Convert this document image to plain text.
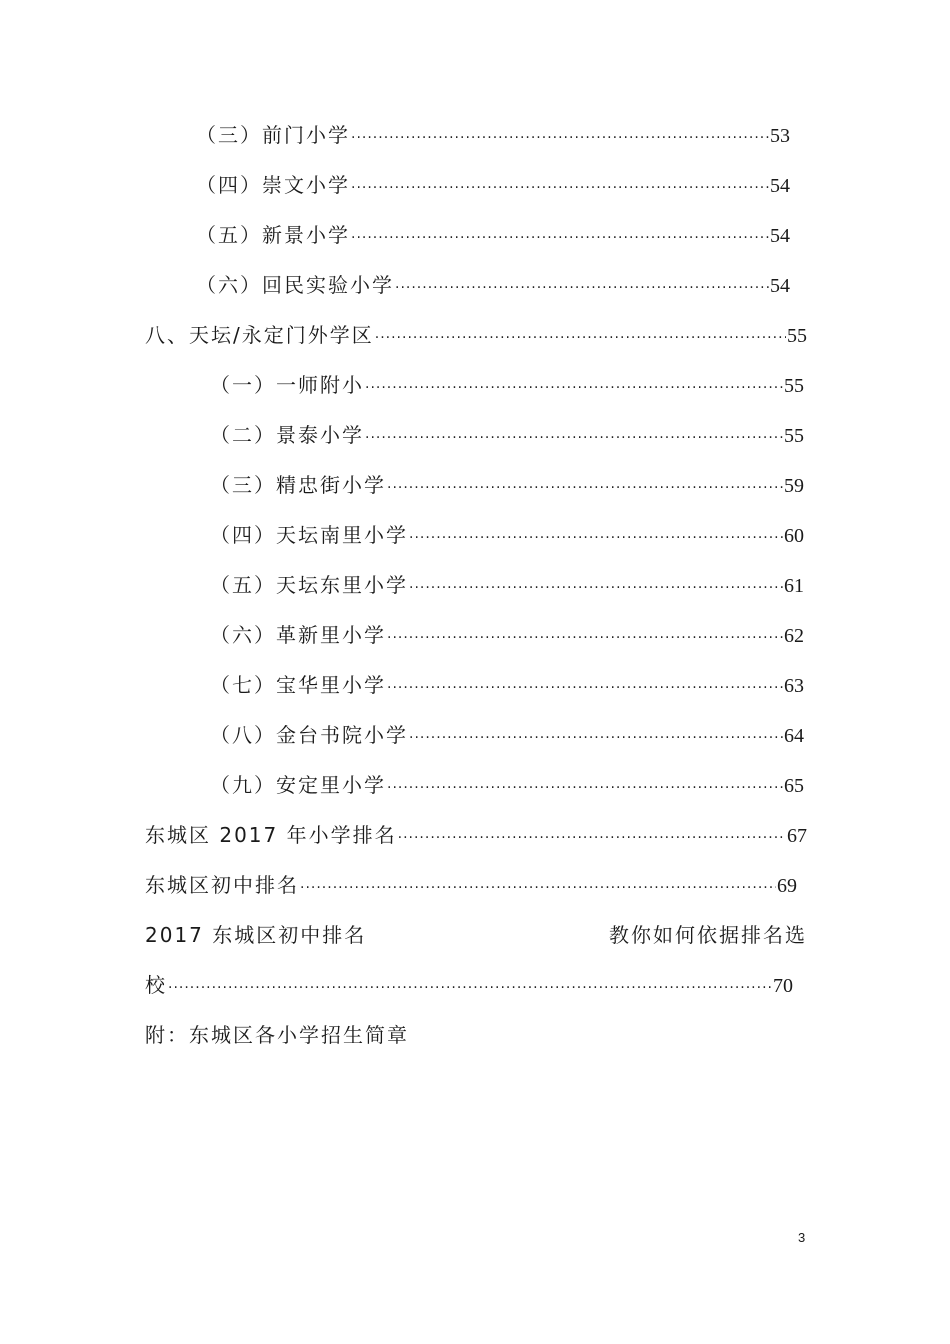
（三）前门小学 ·····	53
（四）崇文小学 ·····	54
（五）新景小学 ·····	54
（六）回民实验小学 ·····	54
八、天坛/永定门外学区 ·····	55
（一）一师附小 ·····	55
（二）景泰小学 ·····	55
（三）精忠街小学 ·····	59
（四）天坛南里小学 ·····	60
（五）天坛东里小学 ·····	61
（六）革新里小学 ·····	62
（七）宝华里小学 ·····	63
（八）金台书院小学 ·····	64
（九）安定里小学 ·····	65
东城区 2017 年小学排名 ·····	67
东城区初中排名 ·····	69
2017 东城区初中排名	教你如何依据排名选
校 ·····	70
附：东城区各小学招生简章
3
